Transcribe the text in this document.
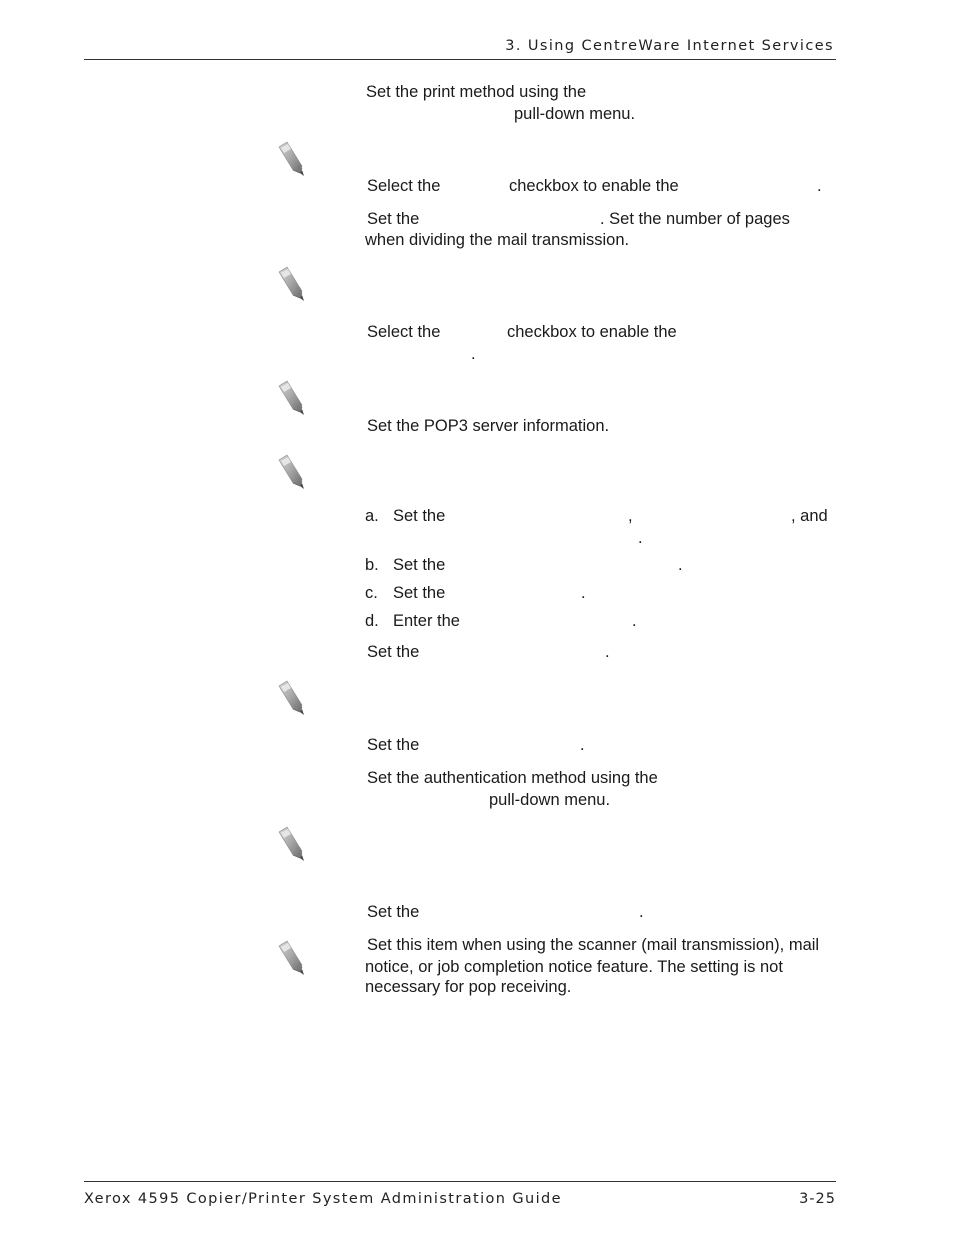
3. Using CentreWare Internet Services
Set the print method using the
pull-down menu.
Select the	checkbox to enable the	.
Set the	. Set the number of pages
when dividing the mail transmission.
Select the	checkbox to enable the
.
Set the POP3 server information.
a. Set the	,	, and
.
b. Set the	.
c. Set the	.
d. Enter the	.
Set the	.
Set the	.
Set the authentication method using the
pull-down menu.
Set the	.
Set this item when using the scanner (mail transmission), mail
notice, or job completion notice feature. The setting is not
necessary for pop receiving.
Xerox 4595 Copier/Printer System Administration Guide	3-25
